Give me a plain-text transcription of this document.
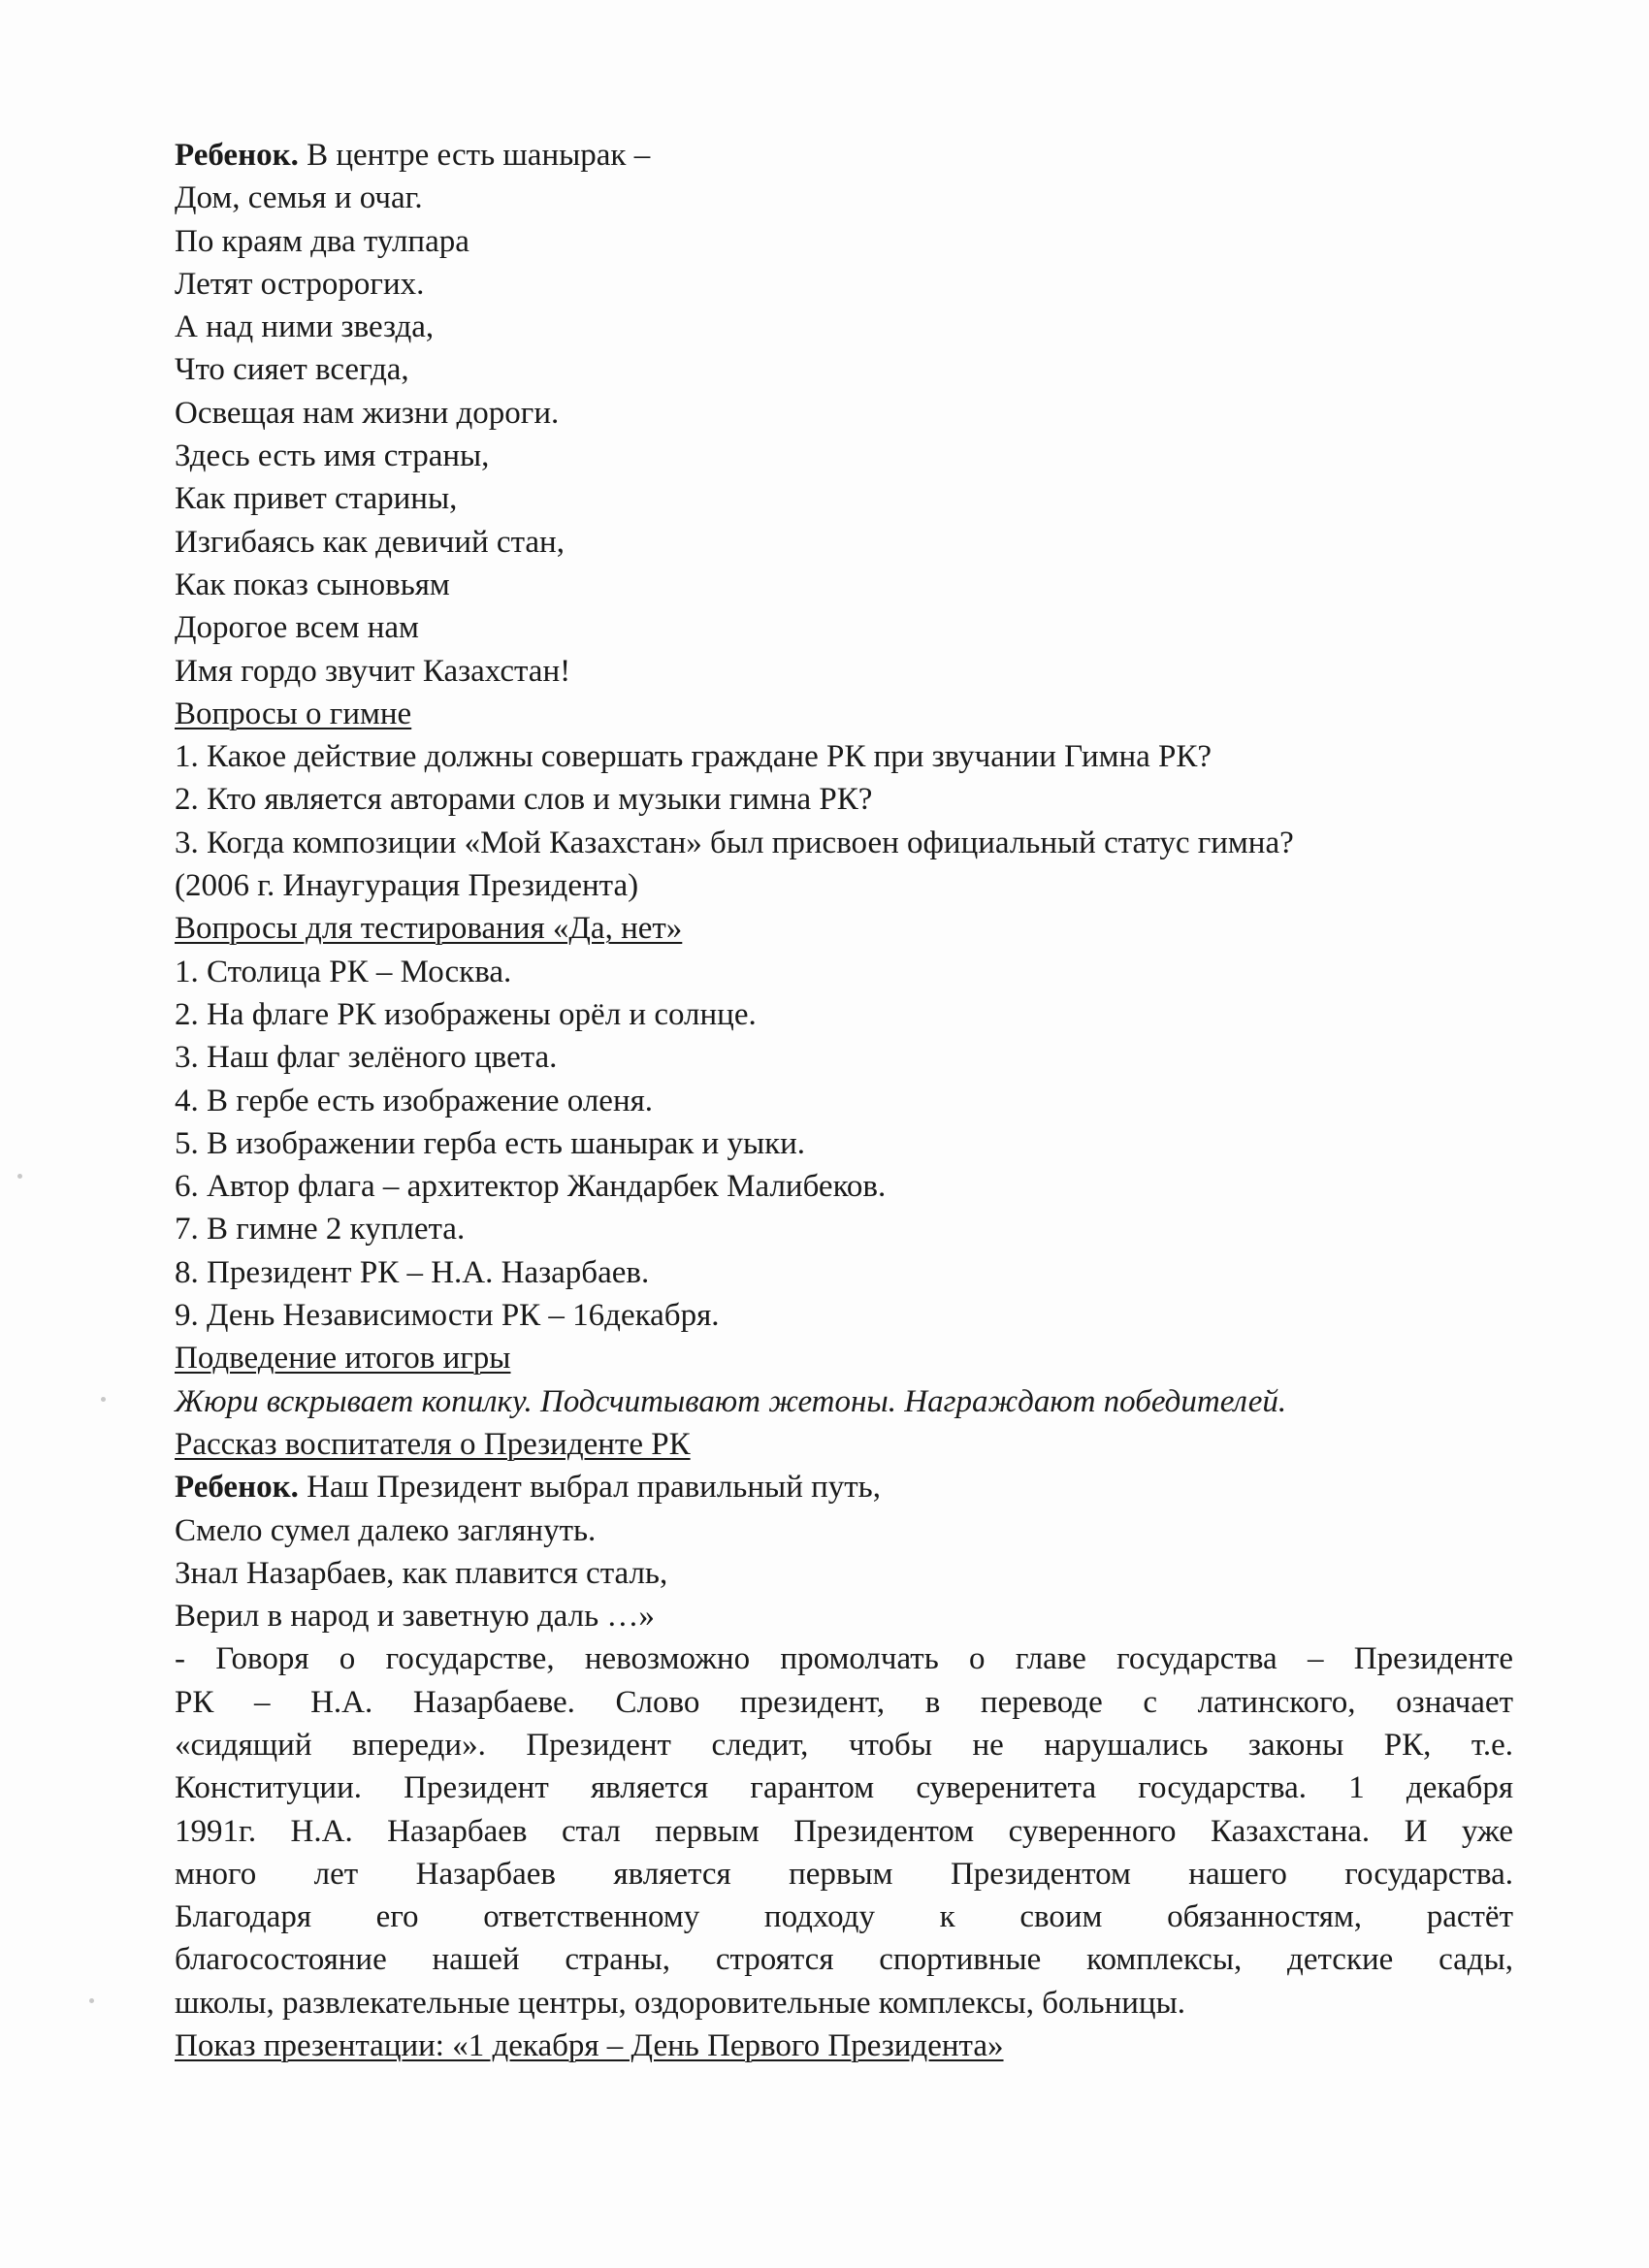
Ребенок. В центре есть шанырак –
Дом, семья и очаг.
По краям два тулпара
Летят остророгих.
А над ними звезда,
Что сияет всегда,
Освещая нам жизни дороги.
Здесь есть имя страны,
Как привет старины,
Изгибаясь как девичий стан,
Как показ сыновьям
Дорогое всем нам
Имя гордо звучит Казахстан!
Вопросы о гимне
1. Какое действие должны совершать граждане РК при звучании Гимна РК?
2. Кто является авторами слов и музыки гимна РК?
3. Когда композиции «Мой Казахстан» был присвоен официальный статус гимна?
(2006 г. Инаугурация Президента)
Вопросы для тестирования «Да, нет»
1. Столица РК – Москва.
2. На флаге РК изображены орёл и солнце.
3. Наш флаг зелёного цвета.
4. В гербе есть изображение оленя.
5. В изображении герба есть шанырак и уыки.
6. Автор флага – архитектор Жандарбек Малибеков.
7. В гимне 2 куплета.
8. Президент РК – Н.А. Назарбаев.
9. День Независимости РК – 16декабря.
Подведение итогов игры
Жюри вскрывает копилку. Подсчитывают жетоны. Награждают победителей.
Рассказ воспитателя о Президенте РК
Ребенок. Наш Президент выбрал правильный путь,
Смело сумел далеко заглянуть.
Знал Назарбаев, как плавится сталь,
Верил в народ и заветную даль …»
- Говоря о государстве, невозможно промолчать о главе государства – Президенте
РК – Н.А. Назарбаеве. Слово президент, в переводе с латинского, означает
«сидящий впереди». Президент следит, чтобы не нарушались законы РК, т.е.
Конституции. Президент является гарантом суверенитета государства. 1 декабря
1991г. Н.А. Назарбаев стал первым Президентом суверенного Казахстана. И уже
много лет Назарбаев является первым Президентом нашего государства.
Благодаря его ответственному подходу к своим обязанностям, растёт
благосостояние нашей страны, строятся спортивные комплексы, детские сады,
школы, развлекательные центры, оздоровительные комплексы, больницы.
Показ презентации: «1 декабря – День Первого Президента»
